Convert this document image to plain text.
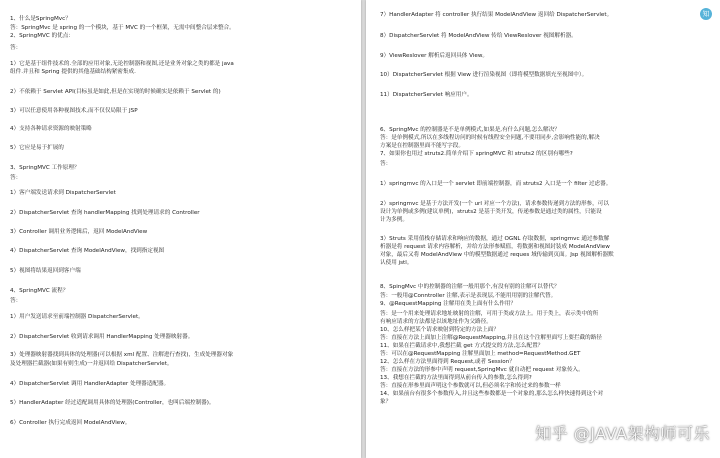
1、什么是SpringMvc？
答：SpringMvc 是 spring 的一个模块，基于 MVC 的一个框架，无需中间整合层来整合。
2、SpringMVC 的优点：
答：
1）它是基于组件技术的.全部的应用对象,无论控制器和视图,还是业务对象之类的都是 java
组件.并且和 Spring 提供的其他基础结构紧密集成.
2）不依赖于 Servlet API(目标虽是如此,但是在实现的时候确实是依赖于 Servlet 的)
3）可以任意使用各种视图技术,而不仅仅局限于 JSP
4）支持各种请求资源的映射策略
5）它应是易于扩展的
3、SpringMVC 工作原理？
答：
1）客户端发送请求到 DispatcherServlet
2）DispatcherServlet 查询 handlerMapping 找到处理请求的 Controller
3）Controller 调用业务逻辑后，返回 ModelAndView
4）DispatcherServlet 查询 ModelAndView，找到指定视图
5）视图将结果返回到客户端
4、SpringMVC 流程？
答：
1）用户发送请求至前端控制器 DispatcherServlet。
2）DispatcherServlet 收到请求调用 HandlerMapping 处理器映射器。
3）处理器映射器找到具体的处理器(可以根据 xml 配置、注解进行查找)，生成处理器对象
及处理器拦截器(如果有则生成)一并返回给 DispatcherServlet。
4）DispatcherServlet 调用 HandlerAdapter 处理器适配器。
5）HandlerAdapter 经过适配调用具体的处理器(Controller，也叫后端控制器)。
6）Controller 执行完成返回 ModelAndView。
知
7）HandlerAdapter 将 controller 执行结果 ModelAndView 返回给 DispatcherServlet。
8）DispatcherServlet 将 ModelAndView 传给 ViewReslover 视图解析器。
9）ViewReslover 解析后返回具体 View。
10）DispatcherServlet 根据 View 进行渲染视图（即将模型数据填充至视图中）。
11）DispatcherServlet 响应用户。
6、SpringMvc 的控制器是不是单例模式,如果是,有什么问题,怎么解决？
答：是单例模式,所以在多线程访问的时候有线程安全问题,不要用同步,会影响性能的,解决
方案是在控制器里面不能写字段。
7、如果你也用过 struts2.简单介绍下 springMVC 和 struts2 的区别有哪些?
答：
1）springmvc 的入口是一个 servlet 即前端控制器，而 struts2 入口是一个 filter 过虑器。
2）springmvc 是基于方法开发(一个 url 对应一个方法)，请求参数传递到方法的形参，可以
设计为单例或多例(建议单例)，struts2 是基于类开发，传递参数是通过类的属性，只能设
计为多例。
3）Struts 采用值栈存储请求和响应的数据，通过 OGNL 存取数据，springmvc 通过参数解
析器是将 request 请求内容解析，并给方法形参赋值，将数据和视图封装成 ModelAndView
对象，最后又将 ModelAndView 中的模型数据通过 reques 域传输到页面。Jsp 视图解析器默
认使用 jstl。
8、SpingMvc 中的控制器的注解一般用那个,有没有别的注解可以替代？
答：一般用@Conntroller 注解,表示是表现层,不能用用别的注解代替。
9、@RequestMapping 注解用在类上面有什么作用？
答：是一个用来处理请求地址映射的注解，可用于类或方法上。用于类上，表示类中的所
有响应请求的方法都是以该地址作为父路径。
10、怎么样把某个请求映射到特定的方法上面？
答：直接在方法上面加上注解@RequestMapping,并且在这个注解里面写上要拦截的路径
11、如果在拦截请求中,我想拦截 get 方式提交的方法,怎么配置？
答：可以在@RequestMapping 注解里面加上 method=RequestMethod.GET
12、怎么样在方法里面得到 Request,或者 Session？
答：直接在方法的形参中声明 request,SpringMvc 就自动把 request 对象传入。
13、我想在拦截的方法里面得到从前台传入的参数,怎么得到?
答：直接在形参里面声明这个参数就可以,但必须名字和传过来的参数一样
14、如果前台有很多个参数传入,并且这些参数都是一个对象的,那么怎么样快速得到这个对
象？
知乎 @JAVA架构师可乐
